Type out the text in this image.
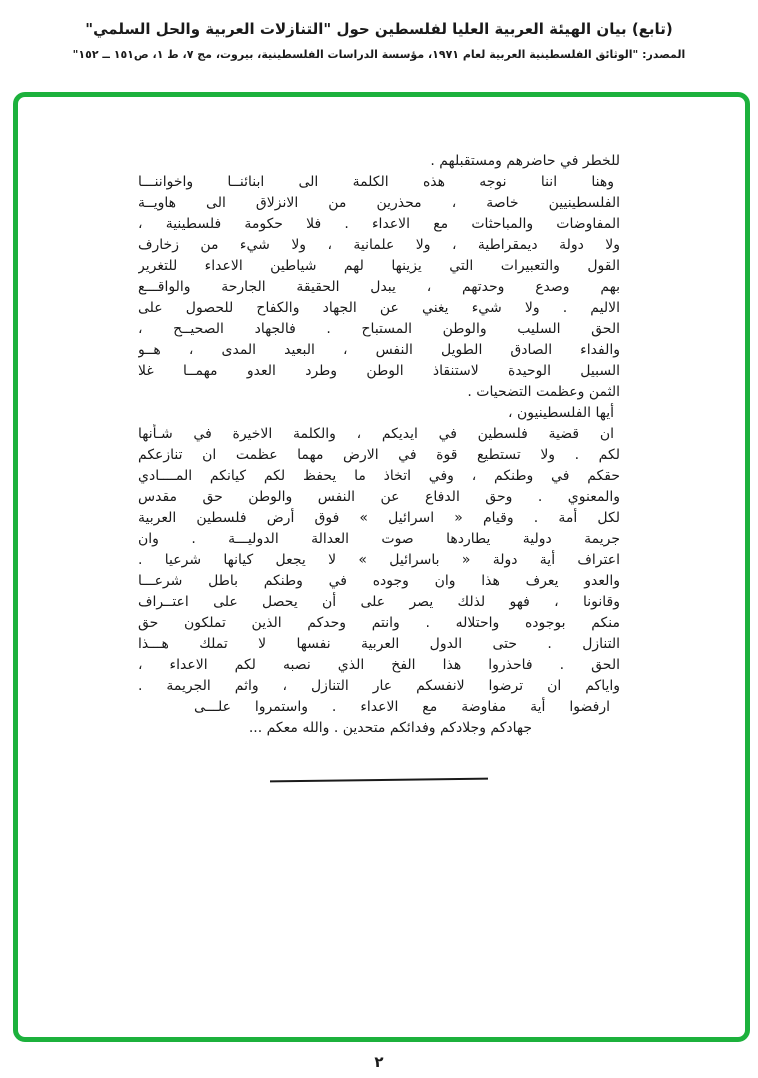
(تابع) بيان الهيئة العربية العليا لفلسطين حول "التنازلات العربية والحل السلمي"
المصدر: "الوثائق الفلسطينية العربية لعام ١٩٧١، مؤسسة الدراسات الفلسطينية، بيروت، مج ٧، ط ١، ص١٥١ ــ ١٥٢"
للخطر في حاضرهم ومستقبلهم .
وهنا اننا نوجه هذه الكلمة الى ابنائنــا واخواننـــا
الفلسطينيين خاصة ، محذرين من الانزلاق الى هاويــة
المفاوضات والمباحثات مع الاعداء . فلا حكومة فلسطينية ،
ولا دولة ديمقراطية ، ولا علمانية ، ولا شيء من زخارف
القول والتعبيرات التي يزينها لهم شياطين الاعداء للتغرير
بهم وصدع وحدتهم ، يبدل الحقيقة الجارحة والواقـــع
الاليم . ولا شيء يغني عن الجهاد والكفاح للحصول على
الحق السليب والوطن المستباح . فالجهاد الصحيــح ،
والفداء الصادق الطويل النفس ، البعيد المدى ، هــو
السبيل الوحيدة لاستنقاذ الوطن وطرد العدو مهمــا غلا
الثمن وعظمت التضحيات .
أيها الفلسطينيون ،
ان قضية فلسطين في ايديكم ، والكلمة الاخيرة في شـأنها
لكم . ولا تستطيع قوة في الارض مهما عظمت ان تنازعكم
حقكم في وطنكم ، وفي اتخاذ ما يحفظ لكم كيانكم المــــادي
والمعنوي . وحق الدفاع عن النفس والوطن حق مقدس
لكل أمة . وقيام « اسرائيل » فوق أرض فلسطين العربية
جريمة دولية يطاردها صوت العدالة الدوليـــة . وان
اعتراف أية دولة « باسرائيل » لا يجعل كيانها شرعيا .
والعدو يعرف هذا وان وجوده في وطنكم باطل شرعـــا
وقانونا ، فهو لذلك يصر على أن يحصل على اعتــراف
منكم بوجوده واحتلاله . وانتم وحدكم الذين تملكون حق
التنازل . حتى الدول العربية نفسها لا تملك هـــذا
الحق . فاحذروا هذا الفخ الذي نصبه لكم الاعداء ،
واياكم ان ترضوا لانفسكم عار التنازل ، واثم الجريمة .
ارفضوا أية مفاوضة مع الاعداء . واستمروا علـــى
جهادكم وجلادكم وفدائكم متحدين . والله معكم ...
٢
